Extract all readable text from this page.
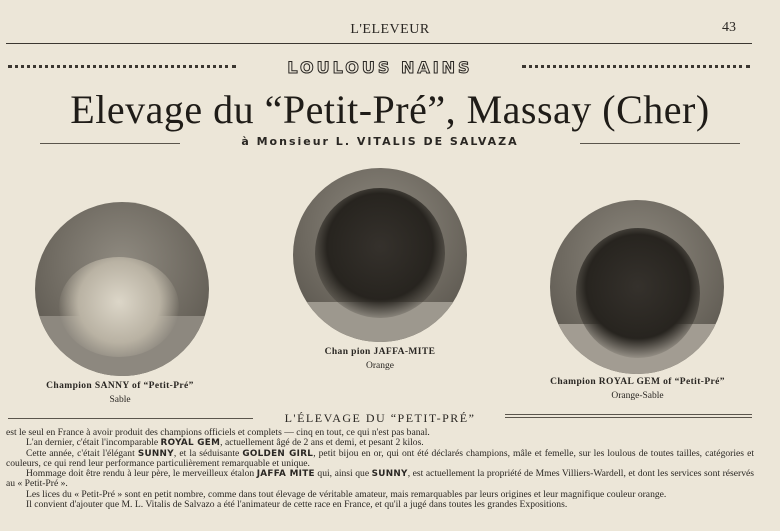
L'ELEVEUR	43
LOULOUS NAINS
Elevage du “Petit-Pré”, Massay (Cher)
à Monsieur L. VITALIS DE SALVAZA
Champion SANNY of “Petit-Pré”
Sable
Chan pion JAFFA-MITE
Orange
Champion ROYAL GEM of “Petit-Pré”
Orange-Sable
L'ÉLEVAGE DU “PETIT-PRÉ”

est le seul en France à avoir produit des champions officiels et complets — cinq en tout, ce qui n'est pas banal.

L'an dernier, c'était l'incomparable ROYAL GEM, actuellement âgé de 2 ans et demi, et pesant 2 kilos.

Cette année, c'était l'élégant SUNNY, et la séduisante GOLDEN GIRL, petit bijou en or, qui ont été déclarés champions, mâle et femelle, sur les loulous de toutes tailles, catégories et couleurs, ce qui rend leur performance particulièrement remarquable et unique.

Hommage doit être rendu à leur père, le merveilleux étalon JAFFA MITE qui, ainsi que SUNNY, est actuellement la propriété de Mmes Villiers-Wardell, et dont les services sont réservés au « Petit-Pré ».

Les lices du « Petit-Pré » sont en petit nombre, comme dans tout élevage de véritable amateur, mais remarquables par leurs origines et leur magnifique couleur orange.

Il convient d'ajouter que M. L. Vitalis de Salvazo a été l'animateur de cette race en France, et qu'il a jugé dans toutes les grandes Expositions.
